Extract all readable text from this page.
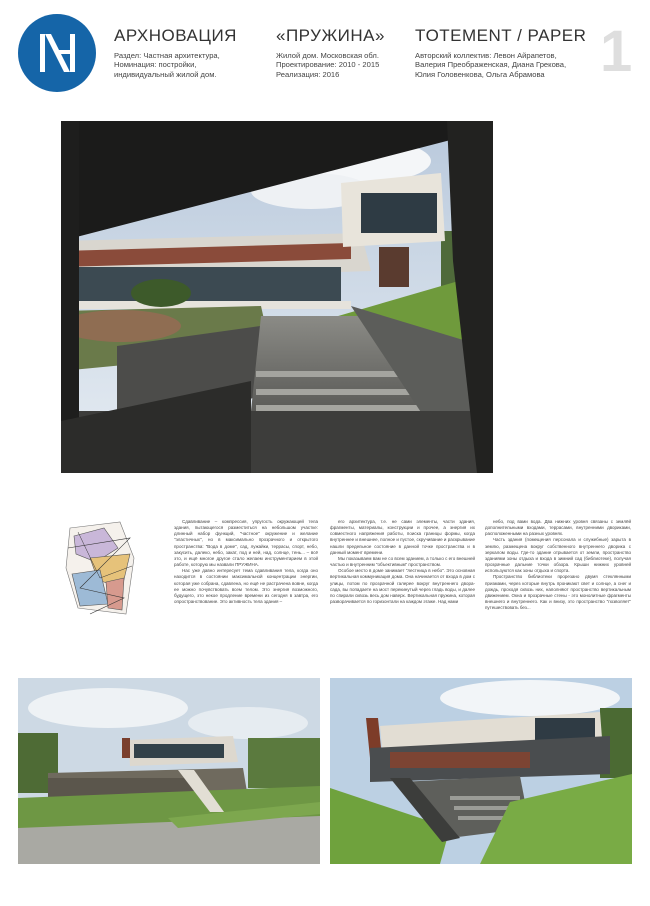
АРХНОВАЦИЯ

Раздел: Частная архитектура,
Номинация: постройки,
индивидуальный жилой дом.

«ПРУЖИНА»

Жилой дом. Московская обл.
Проектирование: 2010 - 2015
Реализация: 2016

TOTEMENT / PAPER

Авторский коллектив: Левон Айрапетов,
Валерия Преображенская, Диана Грекова,
Юлия Головенкова, Ольга Абрамова 1

Сдавливание – компрессия, упругость окружающей тела здания, пытающегося разместиться на небольшом участке: длинный набор функций, "частное" окружение и желание "эластичных", но в максимально прозрачного и открытого пространства: "Вода в доме", сад, лужайки, террасы, спорт, небо, закусить, далеко, небо, закат, под и ней, над, солнце, тень... – всё это, и ещё многое другое стало желаем инструментарием в этой работе, которую мы назвали ПРУЖИНА.

Нас уже давно интересует тема сдавливания тела, когда оно находится в состоянии максимальной концентрации энергии, которая уже собрана, сдавлена, но ещё не растрачена вовне, когда ее можно почувствовать всем телом. Это энергия возможного, будущего, это некое продление времени из сегодня в завтра, его опространствование. Это активность тела здания –

его архитектура, т.е. не сами элементы, части здания, фрагменты, материалы, конструкции и прочее, а энергия их совместного напряжения работы, поиска границы формы, когда внутреннее и внешнее, полное и пустое, скручивание и раскрывание нашли предельное состояние в данной точке пространства и в данный момент времени.

Мы показываем вам не со всем зданием, а только с его внешней частью и внутренним "объективным" пространством.

Особое место в доме занимает "лестница в небо". Это основная вертикальная коммуникация дома. Она начинается от входа в дом с улицы, потом по прозрачной галерее вокруг внутреннего двора-сада, вы попадаете на мост перекинутый через гладь воды, и далее по спирали сквозь весь дом наверх. Вертикальная пружина, которая разворачивается по горизонтали на каждом этаже. Над нами

небо, под вами вода. Два нижних уровня связаны с землёй дополнительными входами, террасами, внутренними двориками, расположенными на разных уровнях.

Часть здания (помещения персонала и служебные) зарыта в землю, размещена вокруг собственного внутреннего дворика с зеркалом воды. Где-то здание отрывается от земли, пространство зданиями зоны отдыха и входа в зимний сад (библиотеке), получая прозрачные дальние точки обзора. Крыши нижних уровней используются как зоны отдыха и спорта.

Пространство библиотеки прорезано двумя стеклянными призмами, через которые внутрь проникают свет и солнце, а снег и дождь, проходя сквозь них, наполняют пространство вертикальным движением. Окна и прозрачные стены - это монолитные фрагменты внешнего и внутреннего. Как и внизу, это пространство "позволяет" путешествовать без...
